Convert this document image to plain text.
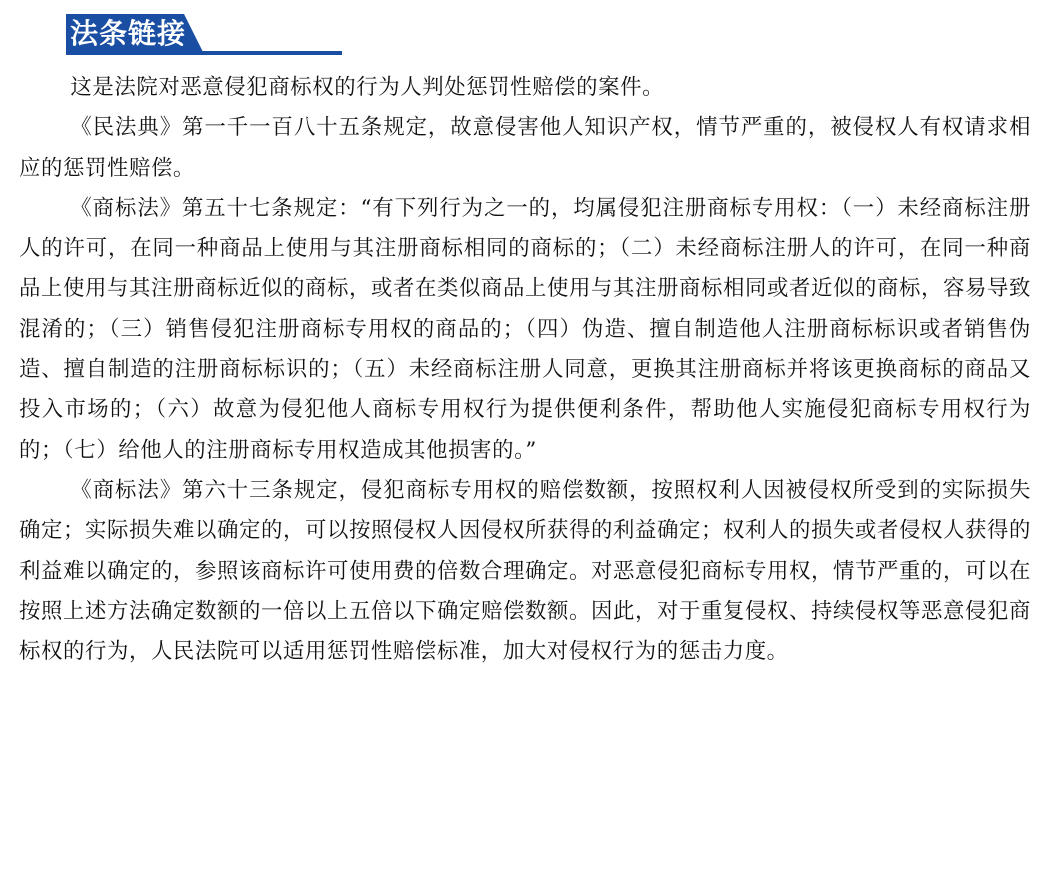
法条链接

这是法院对恶意侵犯商标权的行为人判处惩罚性赔偿的案件。

《民法典》第一千一百八十五条规定，故意侵害他人知识产权，情节严重的，被侵权人有权请求相应的惩罚性赔偿。

《商标法》第五十七条规定：“有下列行为之一的，均属侵犯注册商标专用权：（一）未经商标注册人的许可，在同一种商品上使用与其注册商标相同的商标的；（二）未经商标注册人的许可，在同一种商品上使用与其注册商标近似的商标，或者在类似商品上使用与其注册商标相同或者近似的商标，容易导致混淆的；（三）销售侵犯注册商标专用权的商品的；（四）伪造、擅自制造他人注册商标标识或者销售伪造、擅自制造的注册商标标识的；（五）未经商标注册人同意，更换其注册商标并将该更换商标的商品又投入市场的；（六）故意为侵犯他人商标专用权行为提供便利条件，帮助他人实施侵犯商标专用权行为的；（七）给他人的注册商标专用权造成其他损害的。”

《商标法》第六十三条规定，侵犯商标专用权的赔偿数额，按照权利人因被侵权所受到的实际损失确定；实际损失难以确定的，可以按照侵权人因侵权所获得的利益确定；权利人的损失或者侵权人获得的利益难以确定的，参照该商标许可使用费的倍数合理确定。对恶意侵犯商标专用权，情节严重的，可以在按照上述方法确定数额的一倍以上五倍以下确定赔偿数额。因此，对于重复侵权、持续侵权等恶意侵犯商标权的行为，人民法院可以适用惩罚性赔偿标准，加大对侵权行为的惩击力度。
